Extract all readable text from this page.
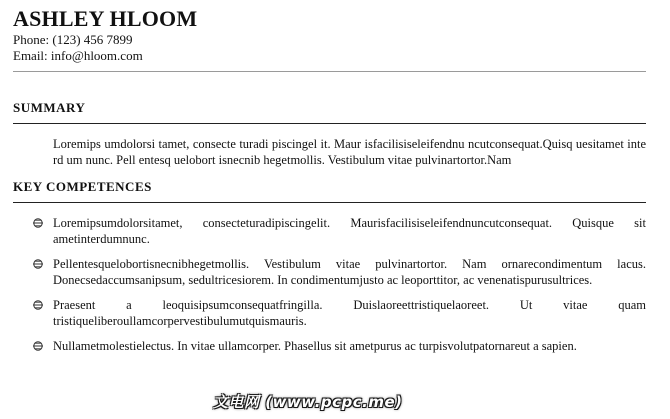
ASHLEY HLOOM

Phone: (123) 456 7899

Email: info@hloom.com

SUMMARY

Loremips umdolorsi tamet, consecte turadi piscingel it. Maur isfacilisiseleifendnu ncutconsequat.Quisq uesitamet interd um nunc. Pell entesq uelobort isnecnib hegetmollis. Vestibulum vitae pulvinartortor.Nam

KEY COMPETENCES
Loremipsumdolorsitamet, consecteturadipiscingelit. Maurisfacilisiseleifendnuncutconsequat. Quisque sit ametinterdumnunc.
Pellentesquelobortisnecnibhegetmollis. Vestibulum vitae pulvinartortor. Nam ornarecondimentum lacus. Donecsedaccumsanipsum, sedultricesiorem. In condimentumjusto ac leoporttitor, ac venenatispurusultrices.
Praesent a leoquisipsumconsequatfringilla. Duislaoreettristiquelaoreet. Ut vitae quam tristiqueliberoullamcorpervestibulumutquismauris.
Nullametmolestielectus. In vitae ullamcorper. Phasellus sit ametpurus ac turpisvolutpatornareut a sapien.
文电网 (www.pcpc.me)
